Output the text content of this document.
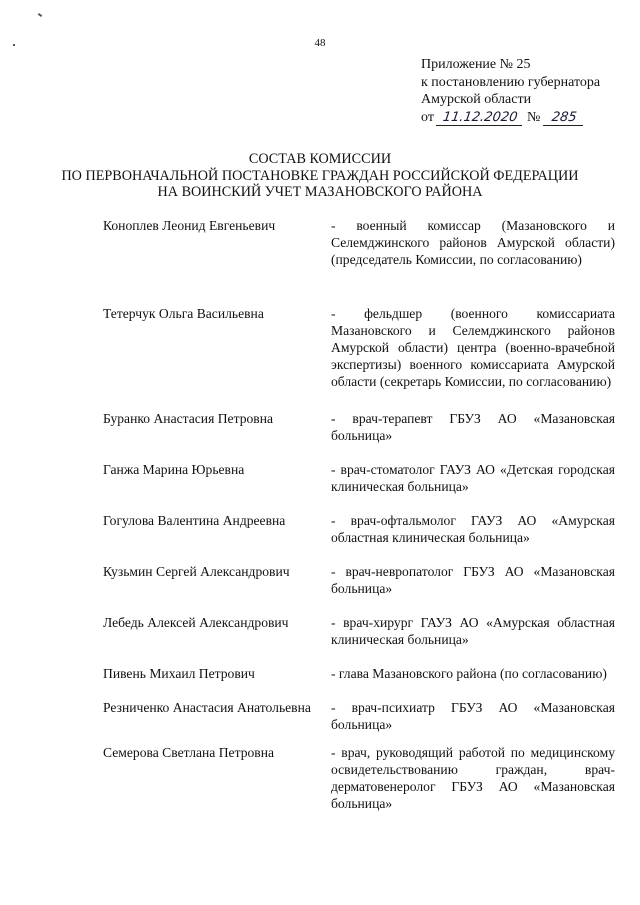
48
Приложение № 25
к постановлению губернатора
Амурской области
от 11.12.2020 № 285
СОСТАВ КОМИССИИ
ПО ПЕРВОНАЧАЛЬНОЙ ПОСТАНОВКЕ ГРАЖДАН РОССИЙСКОЙ ФЕДЕРАЦИИ
НА ВОИНСКИЙ УЧЕТ МАЗАНОВСКОГО РАЙОНА
Коноплев Леонид Евгеньевич	- военный комиссар (Мазановского и Селемджинского районов Амурской области) (председатель Комиссии, по согласованию)
Тетерчук Ольга Васильевна	- фельдшер (военного комиссариата Мазановского и Селемджинского районов Амурской области) центра (военно-врачебной экспертизы) военного комиссариата Амурской области (секретарь Комиссии, по согласованию)
Буранко Анастасия Петровна	- врач-терапевт ГБУЗ АО «Мазановская больница»
Ганжа Марина Юрьевна	- врач-стоматолог ГАУЗ АО «Детская городская клиническая больница»
Гогулова Валентина Андреевна	- врач-офтальмолог ГАУЗ АО «Амурская областная клиническая больница»
Кузьмин Сергей Александрович	- врач-невропатолог ГБУЗ АО «Мазановская больница»
Лебедь Алексей Александрович	- врач-хирург ГАУЗ АО «Амурская областная клиническая больница»
Пивень Михаил Петрович	- глава Мазановского района (по согласованию)
Резниченко Анастасия Анатольевна	- врач-психиатр ГБУЗ АО «Мазановская больница»
Семерова Светлана Петровна	- врач, руководящий работой по медицинскому освидетельствованию граждан, врач-дерматовенеролог ГБУЗ АО «Мазановская больница»
